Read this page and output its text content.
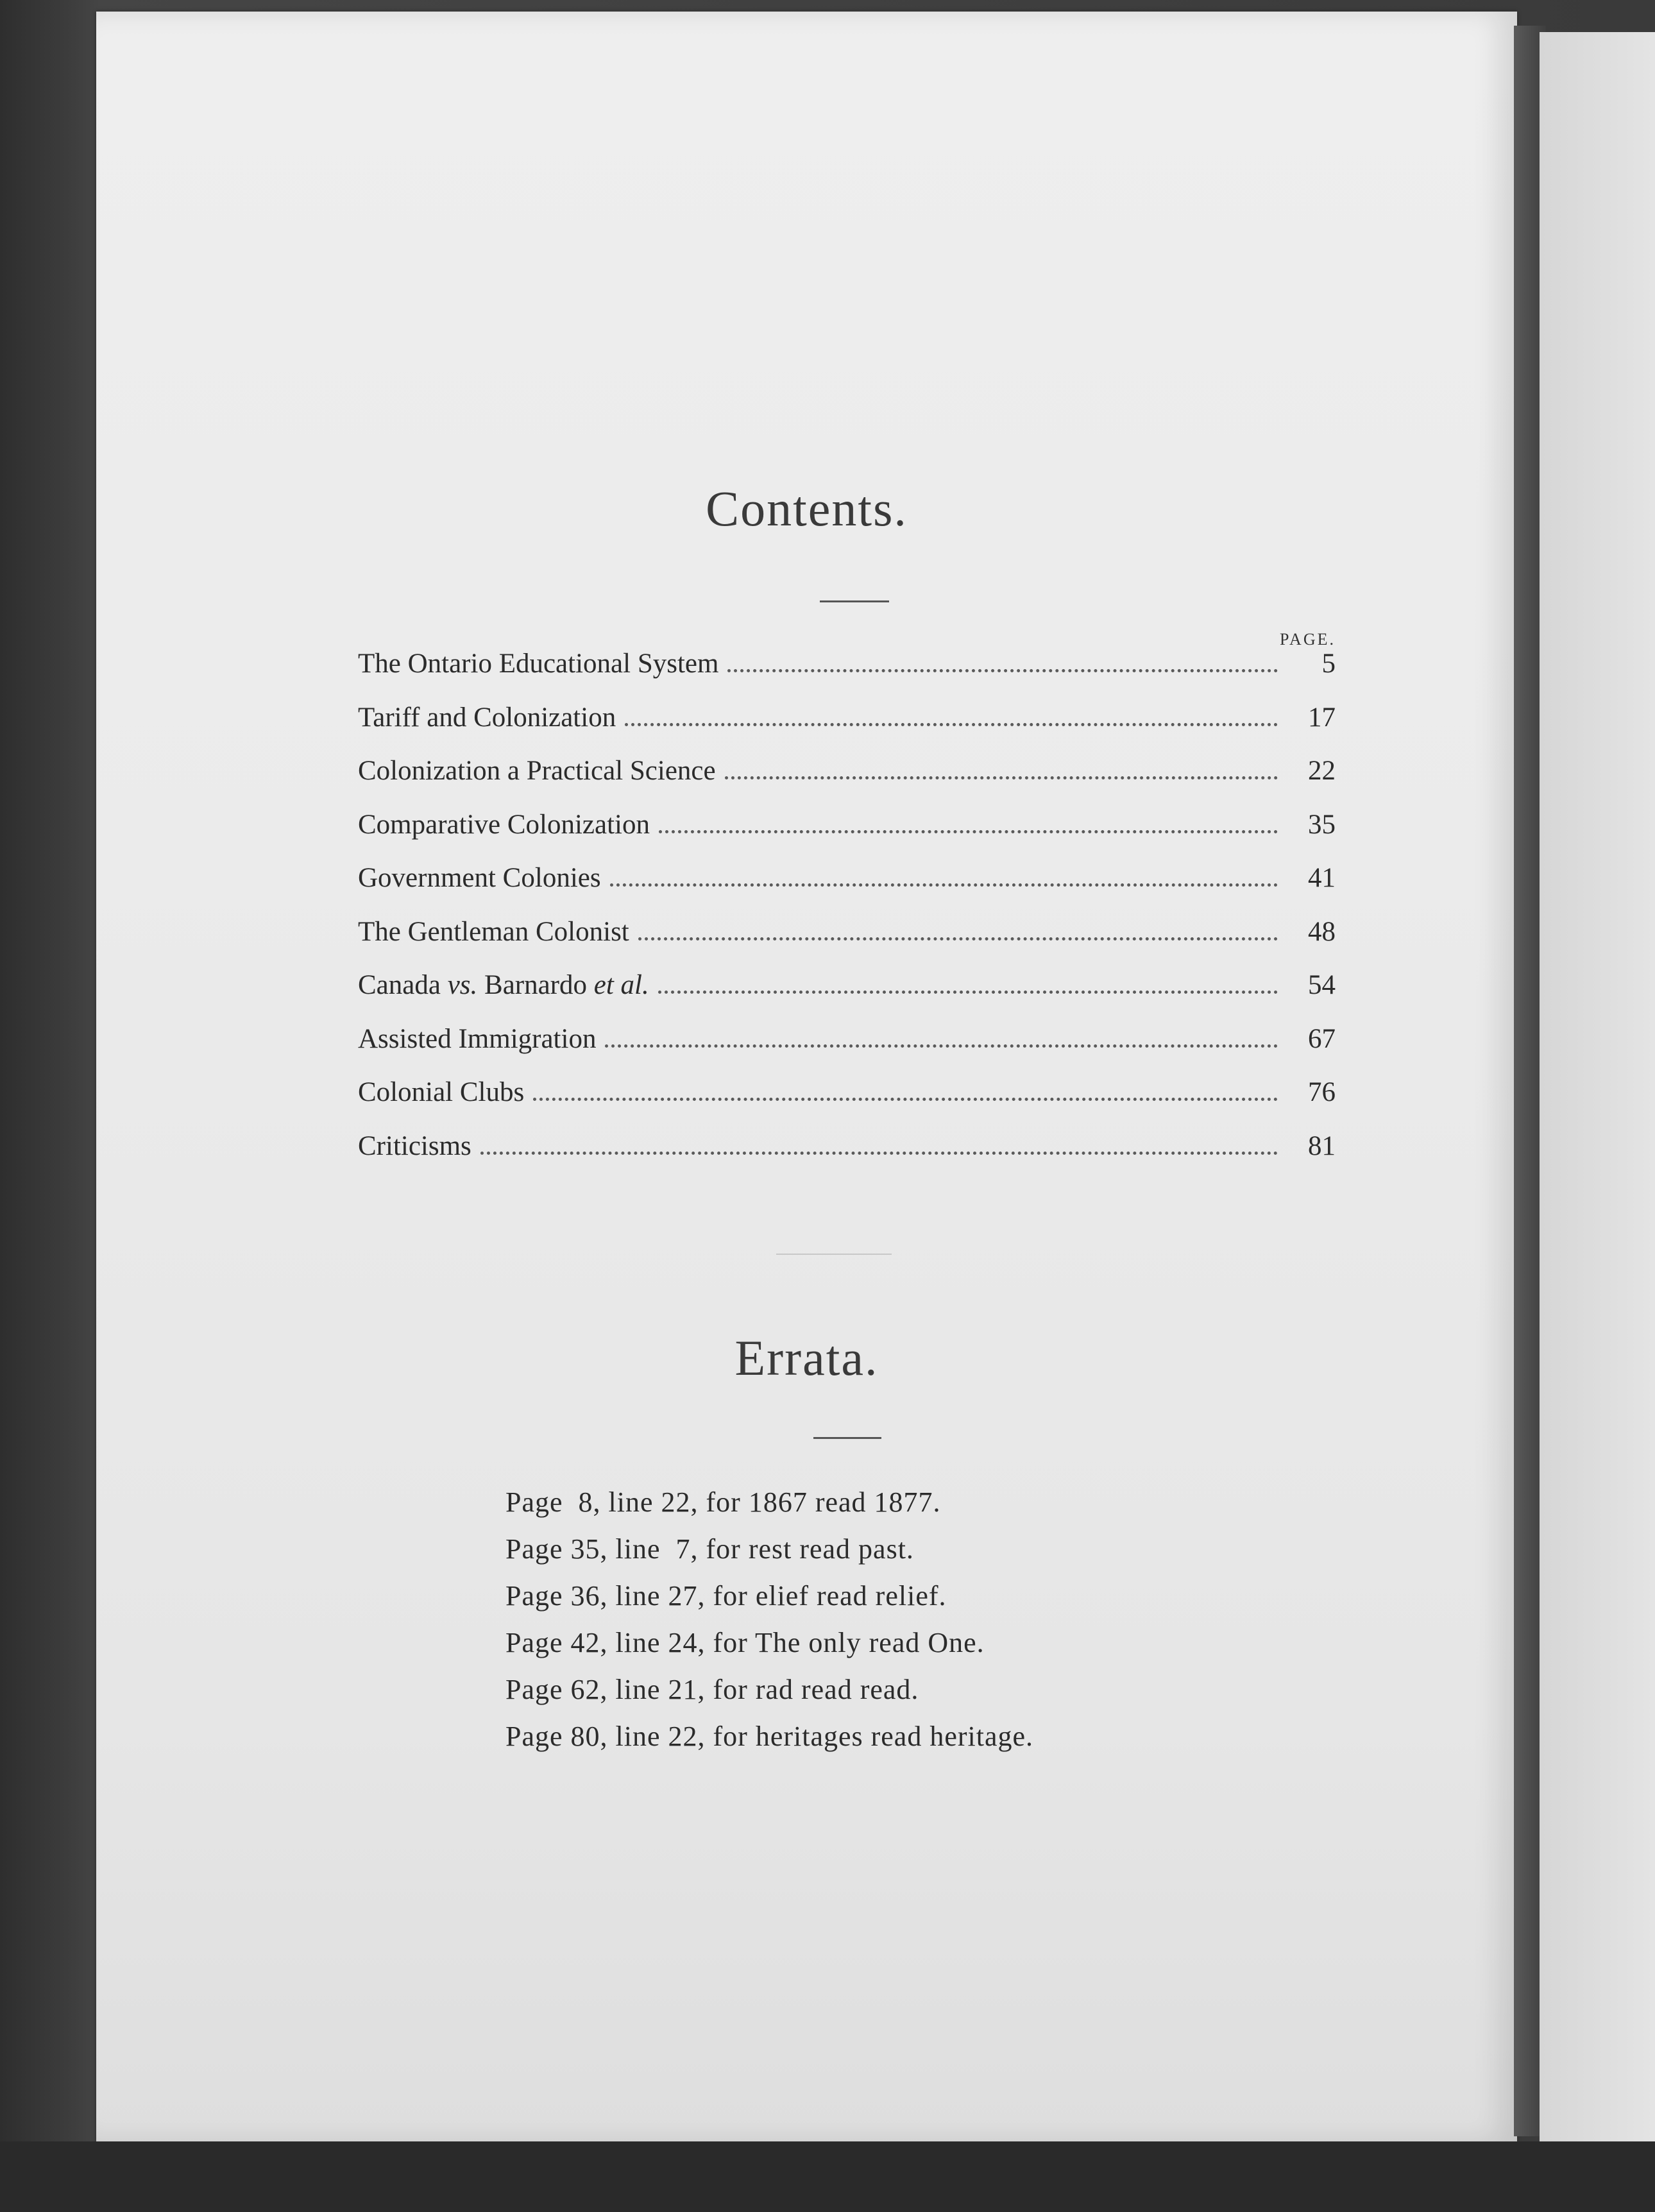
Contents.
PAGE.
The Ontario Educational System	5
Tariff and Colonization	17
Colonization a Practical Science	22
Comparative Colonization	35
Government Colonies	41
The Gentleman Colonist	48
Canada vs. Barnardo et al.	54
Assisted Immigration	67
Colonial Clubs	76
Criticisms	81
Errata.
Page  8, line 22, for 1867 read 1877.
Page 35, line  7, for rest read past.
Page 36, line 27, for elief read relief.
Page 42, line 24, for The only read One.
Page 62, line 21, for rad read read.
Page 80, line 22, for heritages read heritage.
